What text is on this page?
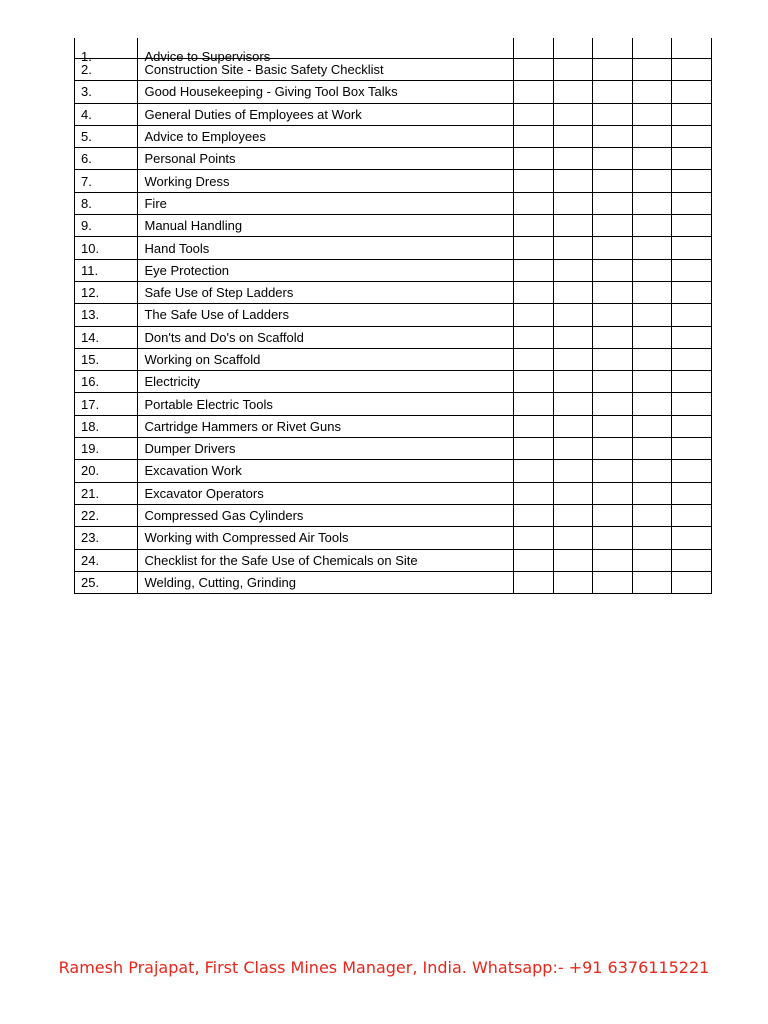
1.	Advice to Supervisors					

2.	Construction Site - Basic Safety Checklist					
3.	Good Housekeeping - Giving Tool Box Talks					
4.	General Duties of Employees at Work					
5.	Advice to Employees					
6.	Personal Points					
7.	Working Dress					
8.	Fire					
9.	Manual Handling					
10.	Hand Tools					
11.	Eye Protection					
12.	Safe Use of Step Ladders					
13.	The Safe Use of Ladders					
14.	Don'ts and Do's on Scaffold					
15.	Working on Scaffold					
16.	Electricity					
17.	Portable Electric Tools					
18.	Cartridge Hammers or Rivet Guns					
19.	Dumper Drivers					
20.	Excavation Work					
21.	Excavator Operators					
22.	Compressed Gas Cylinders					
23.	Working with Compressed Air Tools					
24.	Checklist for the Safe Use of Chemicals on Site					
25.	Welding, Cutting, Grinding					
Ramesh Prajapat, First Class Mines Manager, India. Whatsapp:- +91 6376115221
